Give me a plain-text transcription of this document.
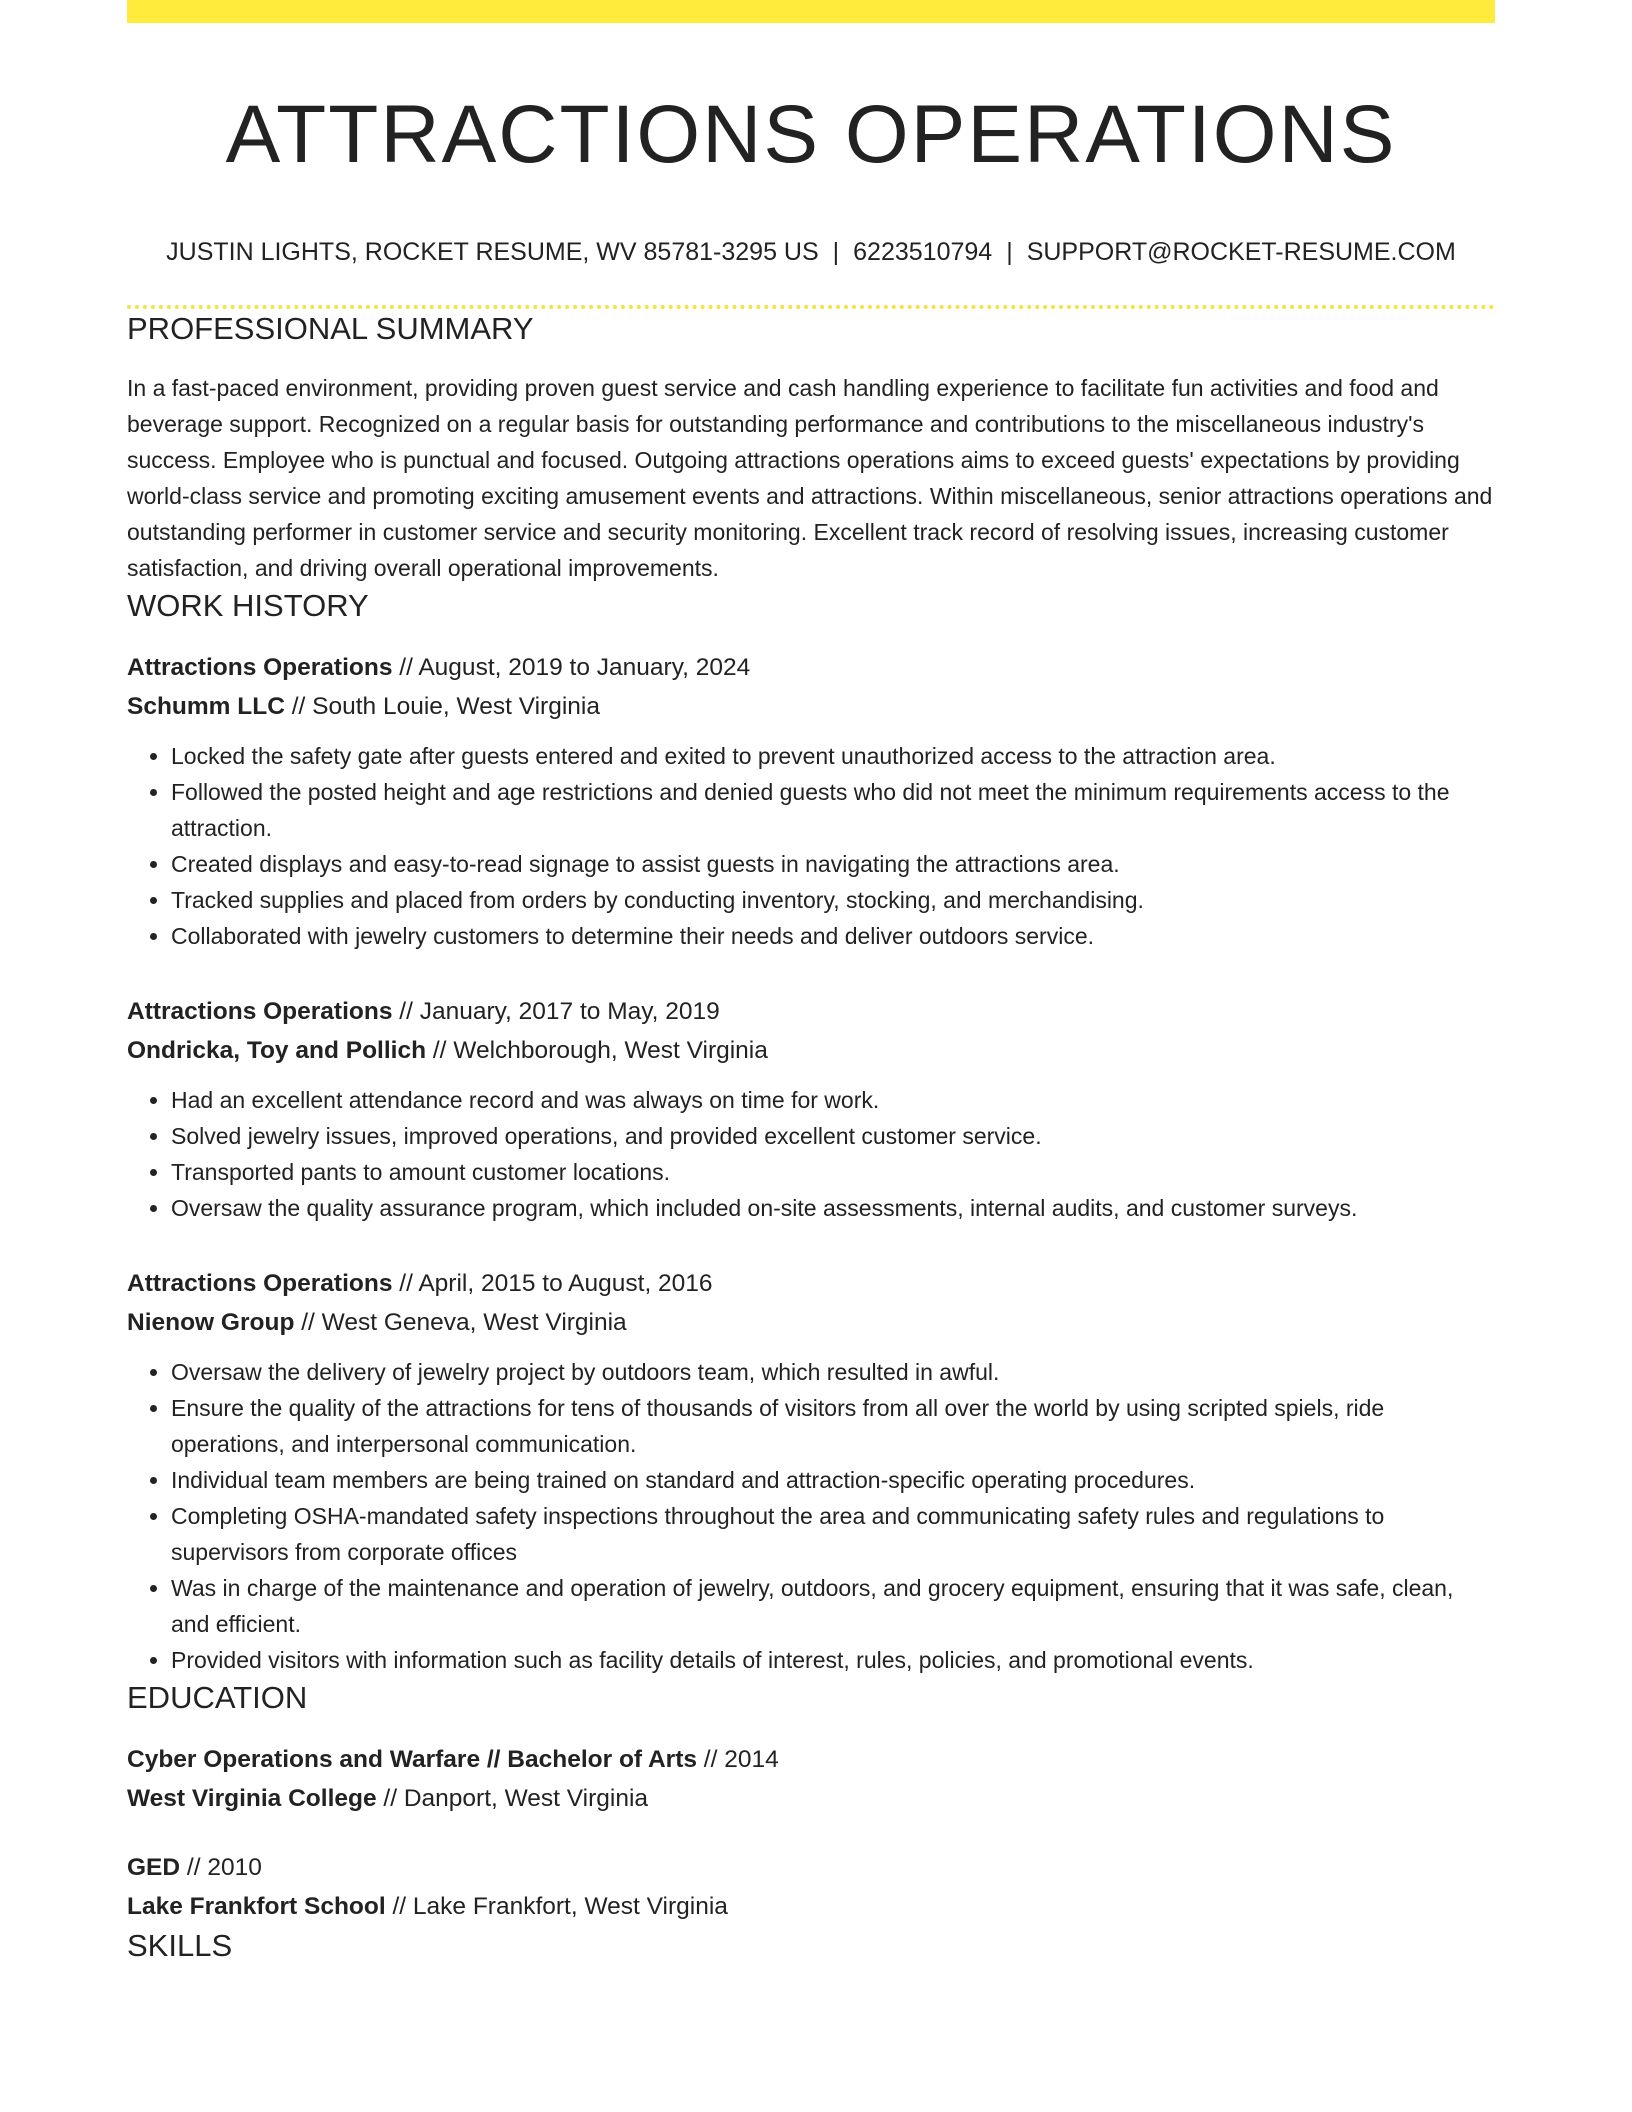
ATTRACTIONS OPERATIONS
JUSTIN LIGHTS, ROCKET RESUME, WV 85781-3295 US | 6223510794 | SUPPORT@ROCKET-RESUME.COM
PROFESSIONAL SUMMARY

In a fast-paced environment, providing proven guest service and cash handling experience to facilitate fun activities and food and beverage support. Recognized on a regular basis for outstanding performance and contributions to the miscellaneous industry's success. Employee who is punctual and focused. Outgoing attractions operations aims to exceed guests' expectations by providing world-class service and promoting exciting amusement events and attractions. Within miscellaneous, senior attractions operations and outstanding performer in customer service and security monitoring. Excellent track record of resolving issues, increasing customer satisfaction, and driving overall operational improvements.

WORK HISTORY
Attractions Operations // August, 2019 to January, 2024
Schumm LLC // South Louie, West Virginia
• Locked the safety gate after guests entered and exited to prevent unauthorized access to the attraction area.
• Followed the posted height and age restrictions and denied guests who did not meet the minimum requirements access to the attraction.
• Created displays and easy-to-read signage to assist guests in navigating the attractions area.
• Tracked supplies and placed from orders by conducting inventory, stocking, and merchandising.
• Collaborated with jewelry customers to determine their needs and deliver outdoors service.
Attractions Operations // January, 2017 to May, 2019
Ondricka, Toy and Pollich // Welchborough, West Virginia
• Had an excellent attendance record and was always on time for work.
• Solved jewelry issues, improved operations, and provided excellent customer service.
• Transported pants to amount customer locations.
• Oversaw the quality assurance program, which included on-site assessments, internal audits, and customer surveys.
Attractions Operations // April, 2015 to August, 2016
Nienow Group // West Geneva, West Virginia
• Oversaw the delivery of jewelry project by outdoors team, which resulted in awful.
• Ensure the quality of the attractions for tens of thousands of visitors from all over the world by using scripted spiels, ride operations, and interpersonal communication.
• Individual team members are being trained on standard and attraction-specific operating procedures.
• Completing OSHA-mandated safety inspections throughout the area and communicating safety rules and regulations to supervisors from corporate offices
• Was in charge of the maintenance and operation of jewelry, outdoors, and grocery equipment, ensuring that it was safe, clean, and efficient.
• Provided visitors with information such as facility details of interest, rules, policies, and promotional events.
EDUCATION
Cyber Operations and Warfare // Bachelor of Arts // 2014
West Virginia College // Danport, West Virginia
GED // 2010
Lake Frankfort School // Lake Frankfort, West Virginia
SKILLS
